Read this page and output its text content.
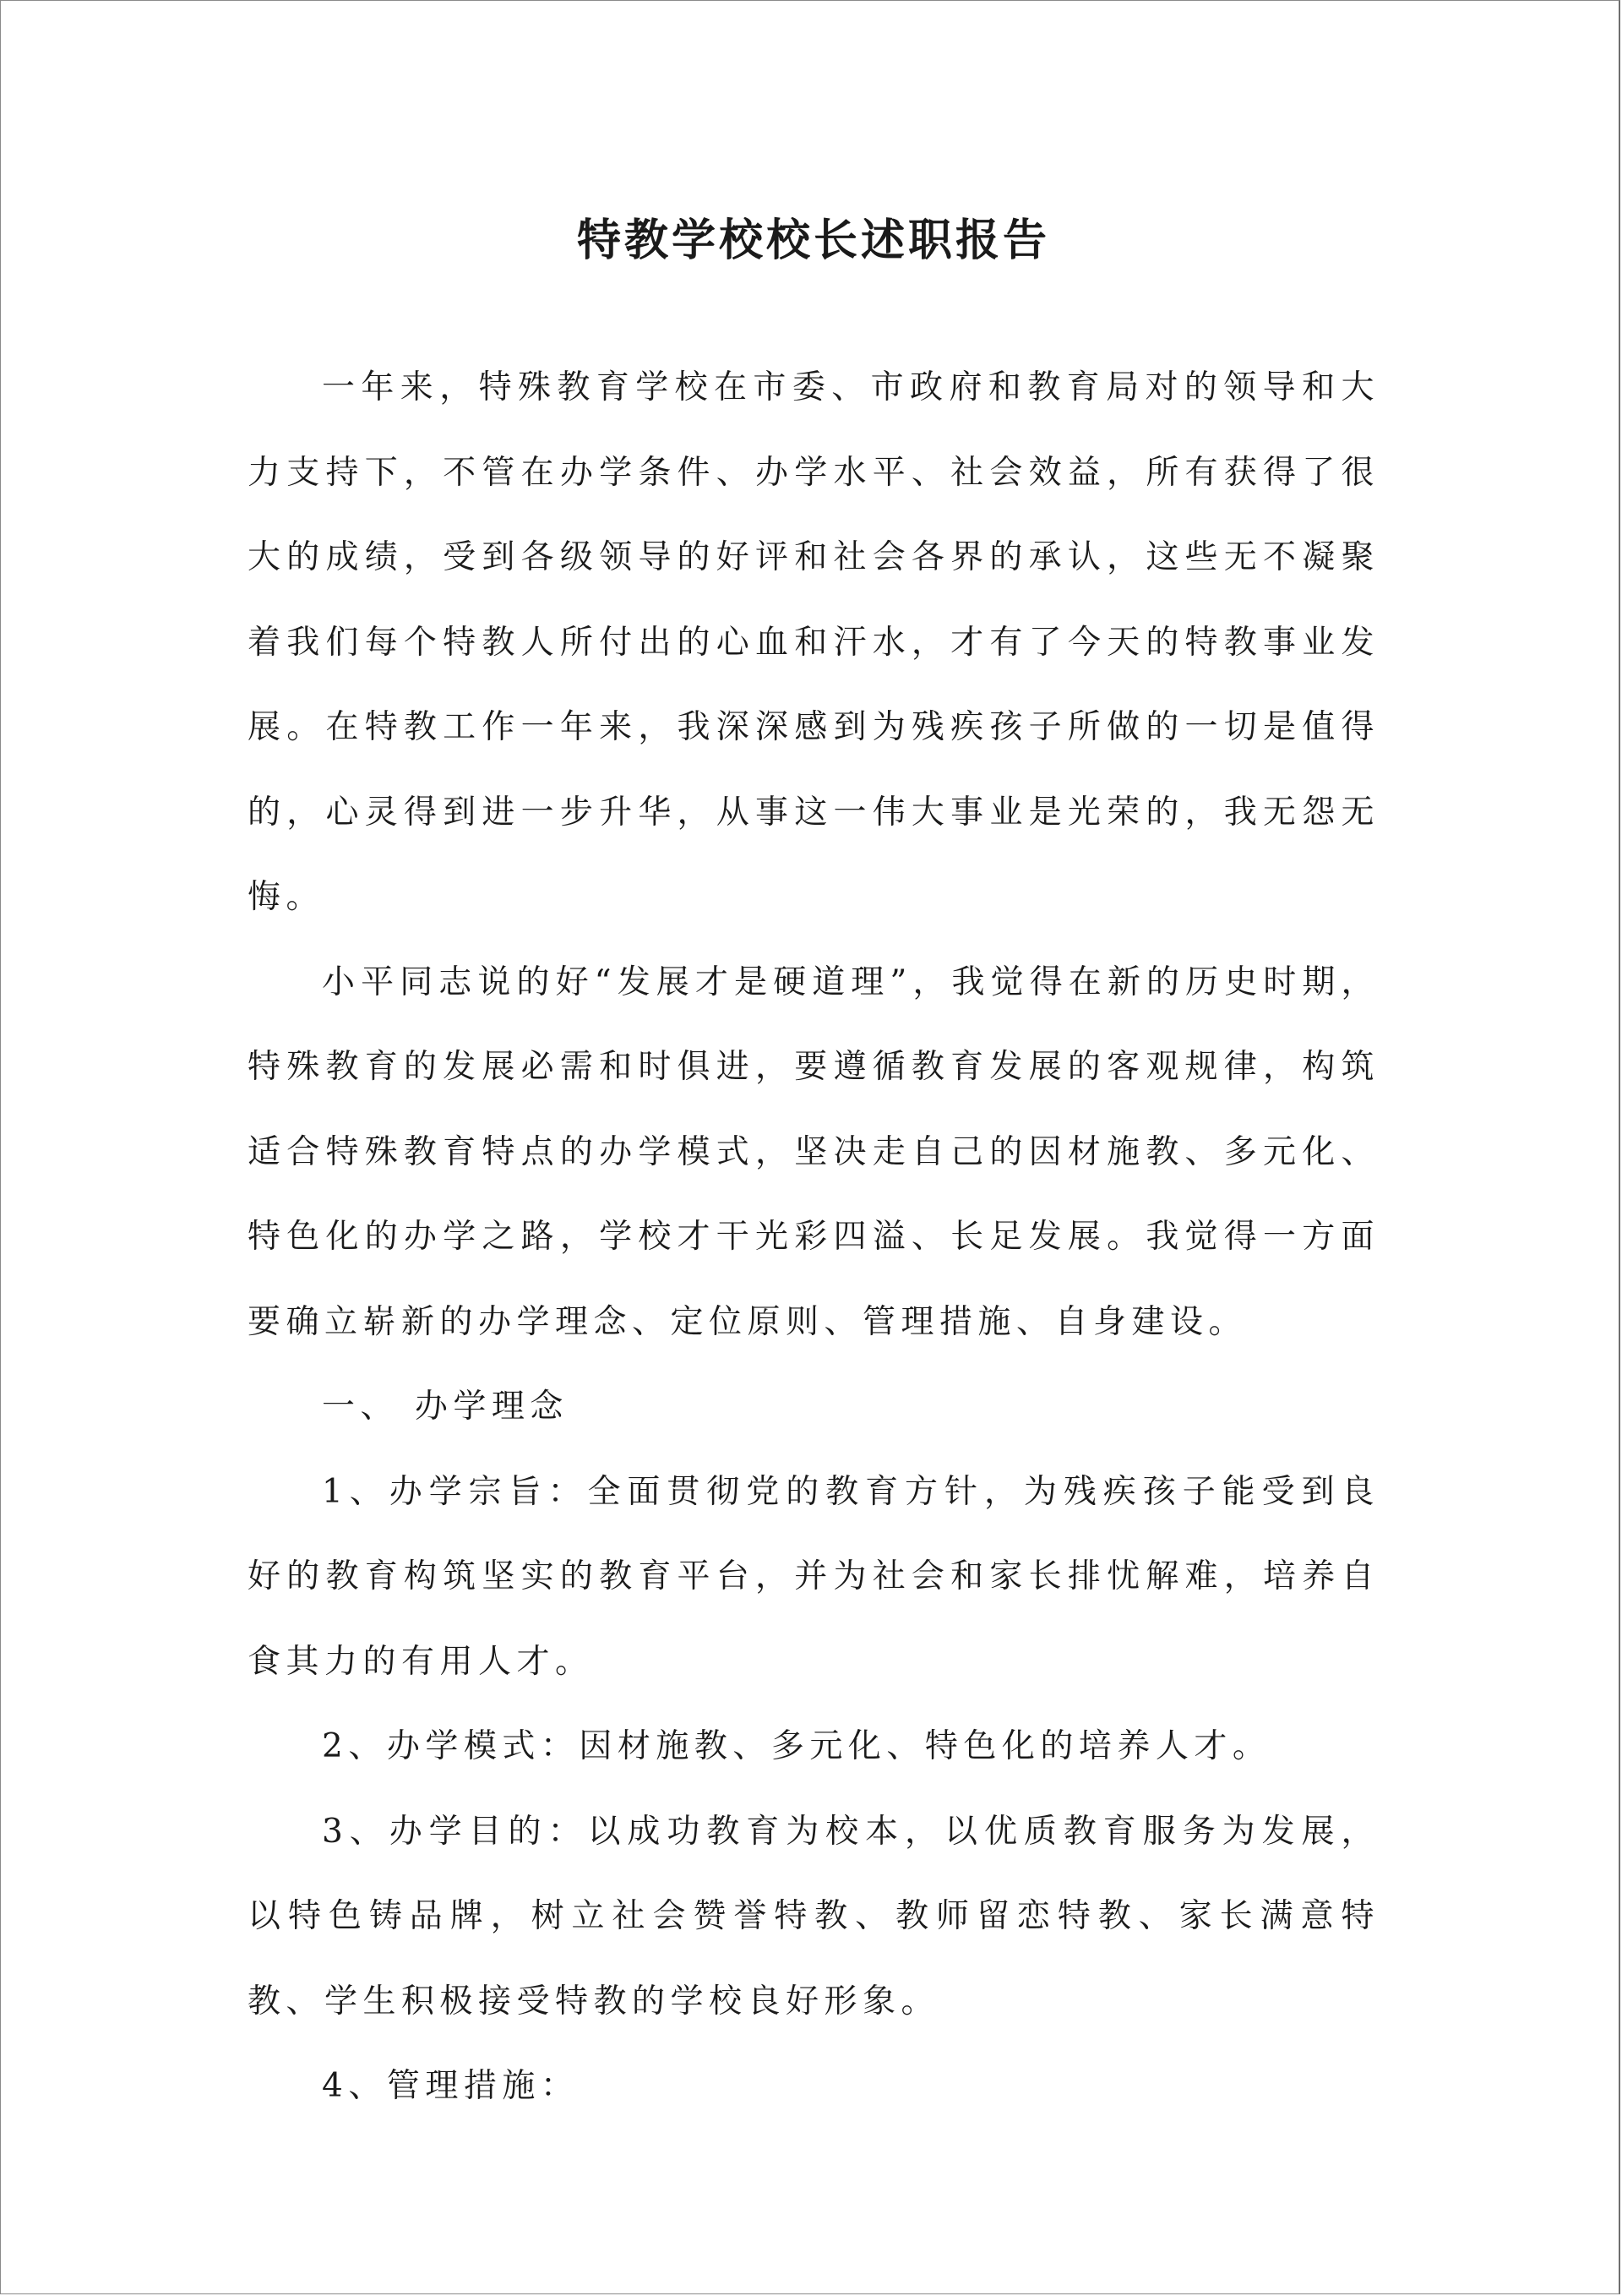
特教学校校长述职报告

一年来，特殊教育学校在市委、市政府和教育局对的领导和大力支持下，不管在办学条件、办学水平、社会效益，所有获得了很大的成绩，受到各级领导的好评和社会各界的承认，这些无不凝聚着我们每个特教人所付出的心血和汗水，才有了今天的特教事业发展。在特教工作一年来，我深深感到为残疾孩子所做的一切是值得的，心灵得到进一步升华，从事这一伟大事业是光荣的，我无怨无悔。

小平同志说的好“发展才是硬道理”，我觉得在新的历史时期，特殊教育的发展必需和时俱进，要遵循教育发展的客观规律，构筑适合特殊教育特点的办学模式，坚决走自己的因材施教、多元化、特色化的办学之路，学校才干光彩四溢、长足发展。我觉得一方面要确立崭新的办学理念、定位原则、管理措施、自身建设。

一、 办学理念

1、办学宗旨：全面贯彻党的教育方针，为残疾孩子能受到良好的教育构筑坚实的教育平台，并为社会和家长排忧解难，培养自食其力的有用人才。

2、办学模式：因材施教、多元化、特色化的培养人才。

3、办学目的：以成功教育为校本，以优质教育服务为发展，以特色铸品牌，树立社会赞誉特教、教师留恋特教、家长满意特教、学生积极接受特教的学校良好形象。

4、管理措施：
